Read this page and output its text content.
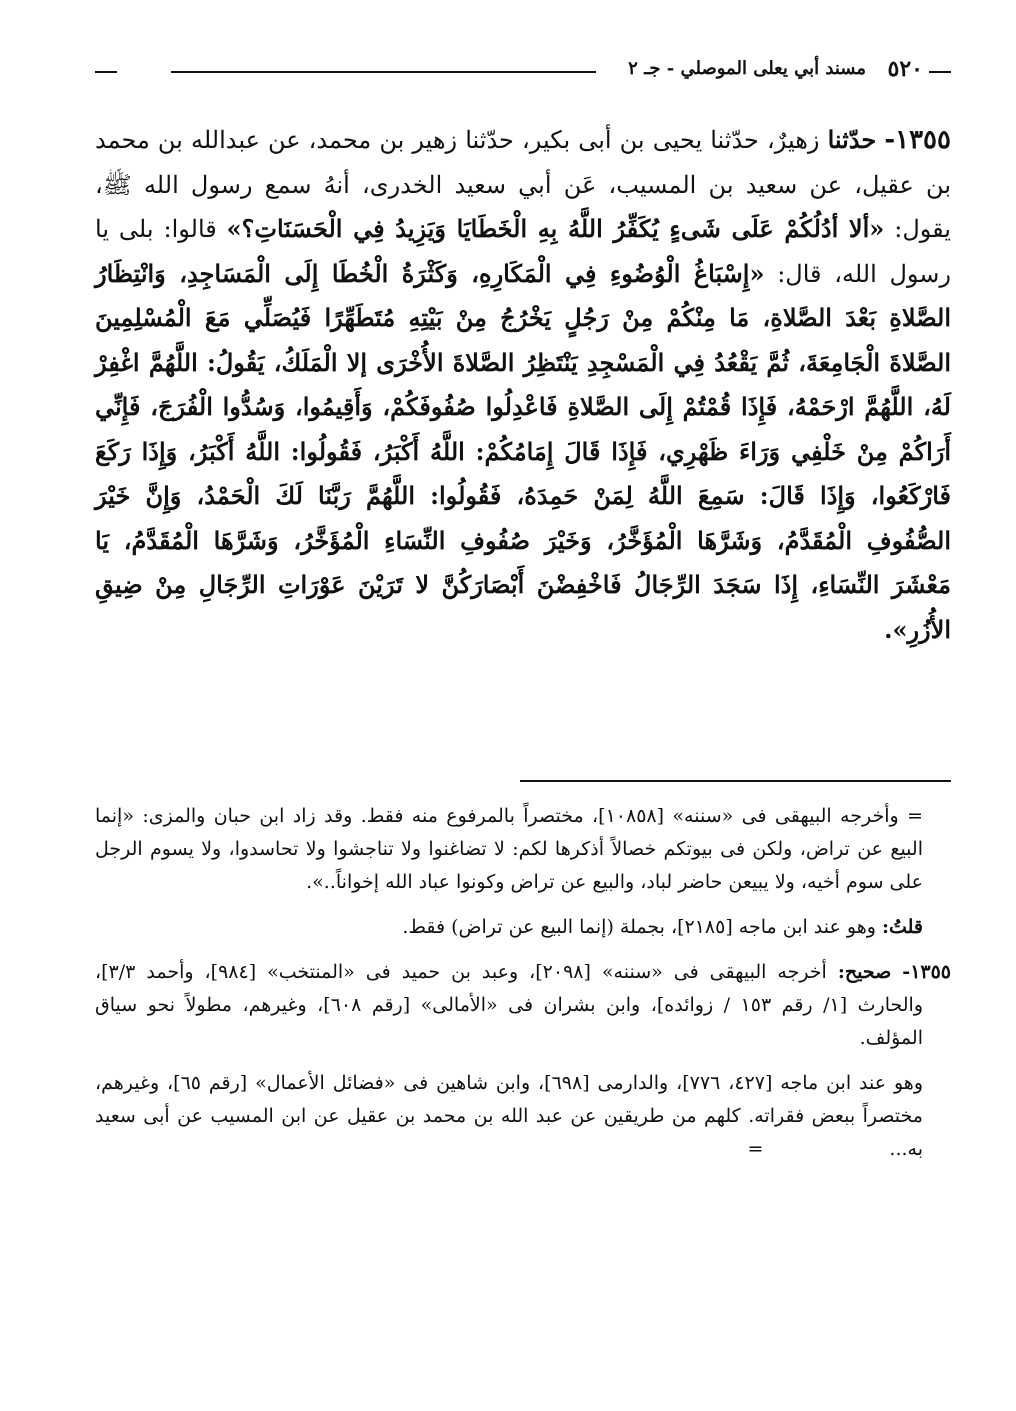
٥٢٠
مسند أبي يعلى الموصلي - جـ ٢
١٣٥٥- حدّثنا زهيرٌ، حدّثنا يحيى بن أبى بكير، حدّثنا زهير بن محمد، عن عبدالله بن محمد بن عقيل، عن سعيد بن المسيب، عَن أبي سعيد الخدرى، أنهُ سمع رسول الله ﷺ، يقول: «ألا أدُلُكُمْ عَلَى شَىءٍ يُكَفِّرُ اللَّهُ بِهِ الْخَطَايَا وَيَزِيدُ فِي الْحَسَنَاتِ؟» قالوا: بلى يا رسول الله، قال: «إِسْبَاغُ الْوُضُوءِ فِي الْمَكَارِهِ، وَكَثْرَةُ الْخُطَا إِلَى الْمَسَاجِدِ، وَانْتِظَارُ الصَّلاةِ بَعْدَ الصَّلاةِ، مَا مِنْكُمْ مِنْ رَجُلٍ يَخْرُجُ مِنْ بَيْتِهِ مُتَطَهِّرًا فَيُصَلِّي مَعَ الْمُسْلِمِينَ الصَّلاةَ الْجَامِعَةَ، ثُمَّ يَقْعُدُ فِي الْمَسْجِدِ يَنْتَظِرُ الصَّلاةَ الأُخْرَى إلا الْمَلَكُ، يَقُولُ: اللَّهُمَّ اغْفِرْ لَهُ، اللَّهُمَّ ارْحَمْهُ، فَإِذَا قُمْتُمْ إِلَى الصَّلاةِ فَاعْدِلُوا صُفُوفَكُمْ، وَأَقِيمُوا، وَسُدُّوا الْفُرَجَ، فَإِنِّي أَرَاكُمْ مِنْ خَلْفِي وَرَاءَ ظَهْرِي، فَإِذَا قَالَ إِمَامُكُمْ: اللَّهُ أَكْبَرُ، فَقُولُوا: اللَّهُ أَكْبَرُ، وَإِذَا رَكَعَ فَارْكَعُوا، وَإِذَا قَالَ: سَمِعَ اللَّهُ لِمَنْ حَمِدَهُ، فَقُولُوا: اللَّهُمَّ رَبَّنَا لَكَ الْحَمْدُ، وَإِنَّ خَيْرَ الصُّفُوفِ الْمُقَدَّمُ، وَشَرَّهَا الْمُؤَخَّرُ، وَخَيْرَ صُفُوفِ النِّسَاءِ الْمُؤَخَّرُ، وَشَرَّهَا الْمُقَدَّمُ، يَا مَعْشَرَ النِّسَاءِ، إِذَا سَجَدَ الرِّجَالُ فَاخْفِضْنَ أَبْصَارَكُنَّ لا تَرَيْنَ عَوْرَاتِ الرِّجَالِ مِنْ ضِيقِ الأُزُرِ».

= وأخرجه البيهقى فى «سننه» [١٠٨٥٨]، مختصراً بالمرفوع منه فقط. وقد زاد ابن حبان والمزى: «إنما البيع عن تراض، ولكن فى بيوتكم خصالاً أذكرها لكم: لا تضاغنوا ولا تناجشوا ولا تحاسدوا، ولا يسوم الرجل على سوم أخيه، ولا يبيعن حاضر لباد، والبيع عن تراض وكونوا عباد الله إخواناً..».

قلتُ: وهو عند ابن ماجه [٢١٨٥]، بجملة (إنما البيع عن تراض) فقط.

١٣٥٥- صحيح: أخرجه البيهقى فى «سننه» [٢٠٩٨]، وعبد بن حميد فى «المنتخب» [٩٨٤]، وأحمد ٣/٣]، والحارث [١/ رقم ١٥٣ / زوائده]، وابن بشران فى «الأمالى» [رقم ٦٠٨]، وغيرهم، مطولاً نحو سياق المؤلف.

وهو عند ابن ماجه [٤٢٧، ٧٧٦]، والدارمى [٦٩٨]، وابن شاهين فى «فضائل الأعمال» [رقم ٦٥]، وغيرهم، مختصراً ببعض فقراته. كلهم من طريقين عن عبد الله بن محمد بن عقيل عن ابن المسيب عن أبى سعيد به... =
